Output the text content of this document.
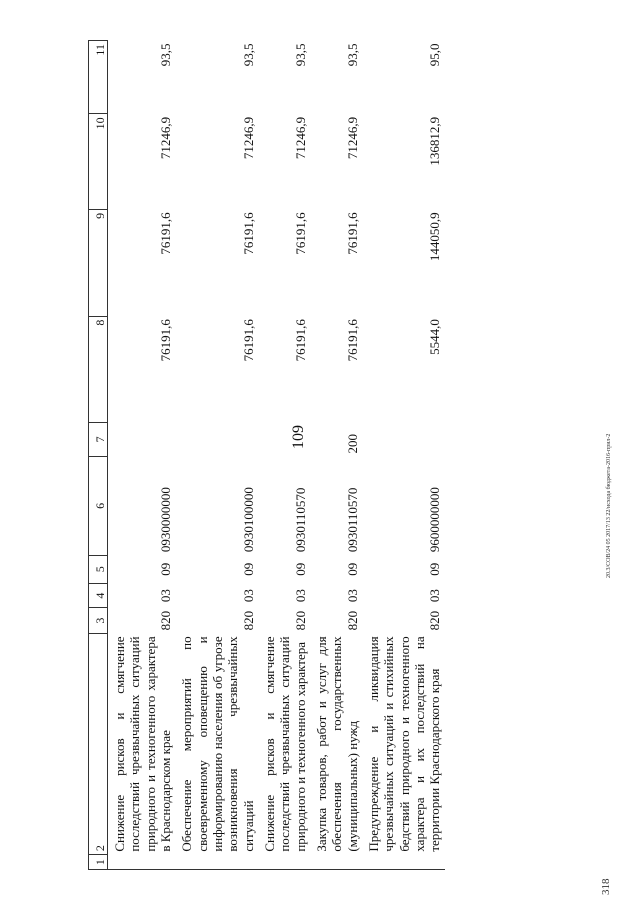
109	20.3/СОВ/24 05 2017/13 22/исхода бюджета-2016-прил-2
318
1	2	3	4	5	6	7	8	9	10	11
	Снижение рисков и смягчение последствий чрезвычайных ситуаций природного и техногенного характера в Краснодарском крае	820	03	09	0930000000		76191,6	76191,6	71246,9	93,5
	Обеспечение мероприятий по своевременному оповещению и информированию населения об угрозе возникновения чрезвычайных ситуаций	820	03	09	0930100000		76191,6	76191,6	71246,9	93,5
	Снижение рисков и смягчение последствий чрезвычайных ситуаций природного и техногенного характера	820	03	09	0930110570		76191,6	76191,6	71246,9	93,5
	Закупка товаров, работ и услуг для обеспечения государственных (муниципальных) нужд	820	03	09	0930110570	200	76191,6	76191,6	71246,9	93,5
	Предупреждение и ликвидация чрезвычайных ситуаций и стихийных бедствий природного и техногенного характера и их последствий на территории Краснодарского края	820	03	09	9600000000		5544,0	144050,9	136812,9	95,0
